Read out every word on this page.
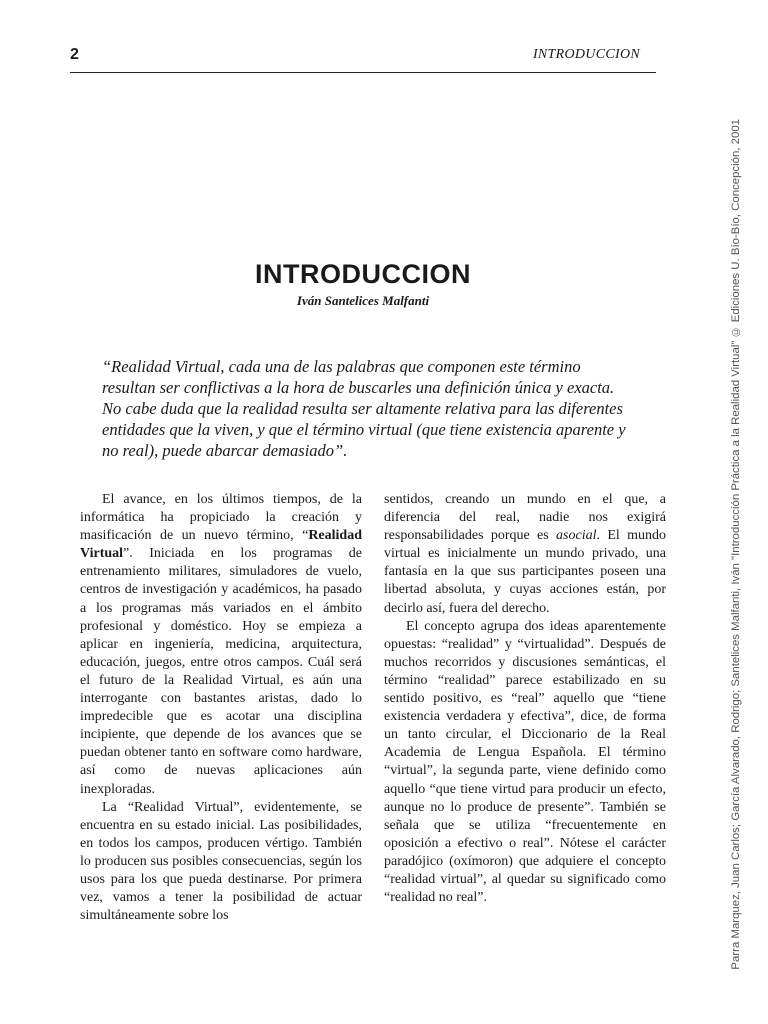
2	INTRODUCCION
Parra Marquez, Juan Carlos; García Alvarado, Rodrigo; Santelices Malfanti, Iván "Introducción Práctica a la Realidad Virtual" © Ediciones U. Bío-Bío, Concepción, 2001
INTRODUCCION

Iván Santelices Malfanti

“Realidad Virtual, cada una de las palabras que componen este término resultan ser conflictivas a la hora de buscarles una definición única y exacta. No cabe duda que la realidad resulta ser altamente relativa para las diferentes entidades que la viven, y que el término virtual (que tiene existencia aparente y no real), puede abarcar demasiado”.

El avance, en los últimos tiempos, de la informática ha propiciado la creación y masificación de un nuevo término, “Realidad Virtual”. Iniciada en los programas de entrenamiento militares, simuladores de vuelo, centros de investigación y académicos, ha pasado a los programas más variados en el ámbito profesional y doméstico. Hoy se empieza a aplicar en ingeniería, medicina, arquitectura, educación, juegos, entre otros campos. Cuál será el futuro de la Realidad Virtual, es aún una interrogante con bastantes aristas, dado lo impredecible que es acotar una disciplina incipiente, que depende de los avances que se puedan obtener tanto en software como hardware, así como de nuevas aplicaciones aún inexploradas.

La “Realidad Virtual”, evidentemente, se encuentra en su estado inicial. Las posibilidades, en todos los campos, producen vértigo. También lo producen sus posibles consecuencias, según los usos para los que pueda destinarse. Por primera vez, vamos a tener la posibilidad de actuar simultáneamente sobre los

sentidos, creando un mundo en el que, a diferencia del real, nadie nos exigirá responsabilidades porque es asocial. El mundo virtual es inicialmente un mundo privado, una fantasía en la que sus participantes poseen una libertad absoluta, y cuyas acciones están, por decirlo así, fuera del derecho.

El concepto agrupa dos ideas aparentemente opuestas: “realidad” y “virtualidad”. Después de muchos recorridos y discusiones semánticas, el término “realidad” parece estabilizado en su sentido positivo, es “real” aquello que “tiene existencia verdadera y efectiva”, dice, de forma un tanto circular, el Diccionario de la Real Academia de Lengua Española. El término “virtual”, la segunda parte, viene definido como aquello “que tiene virtud para producir un efecto, aunque no lo produce de presente”. También se señala que se utiliza “frecuentemente en oposición a efectivo o real”. Nótese el carácter paradójico (oxímoron) que adquiere el concepto “realidad virtual”, al quedar su significado como “realidad no real”.
